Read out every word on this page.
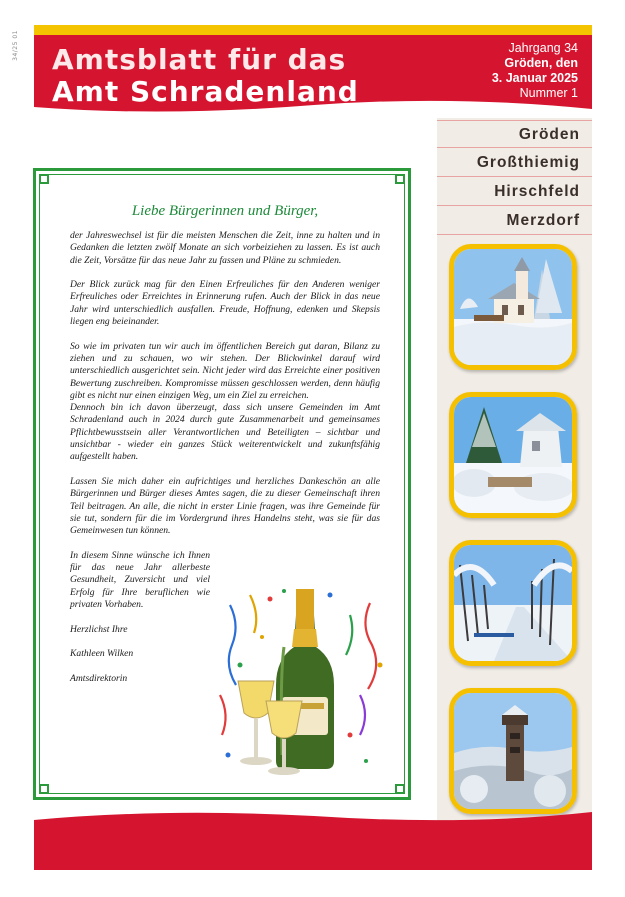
34/25 01 Amtsblatt für das
Amt Schradenland
Jahrgang 34
Gröden, den
3. Januar 2025
Nummer 1
Gröden
Großthiemig
Hirschfeld
Merzdorf
Liebe Bürgerinnen und Bürger,

der Jahreswechsel ist für die meisten Menschen die Zeit, inne zu halten und in Gedanken die letzten zwölf Monate an sich vorbeiziehen zu lassen. Es ist auch die Zeit, Vorsätze für das neue Jahr zu fassen und Pläne zu schmieden.

Der Blick zurück mag für den Einen Erfreuliches für den Anderen weniger Erfreuliches oder Erreichtes in Erinnerung rufen. Auch der Blick in das neue Jahr wird unterschiedlich ausfallen. Freude, Hoffnung, edenken und Skepsis liegen eng beieinander.

So wie im privaten tun wir auch im öffentlichen Bereich gut daran, Bilanz zu ziehen und zu schauen, wo wir stehen. Der Blickwinkel darauf wird unterschiedlich ausgerichtet sein. Nicht jeder wird das Erreichte einer positiven Bewertung zuschreiben. Kompromisse müssen geschlossen werden, denn häufig gibt es nicht nur einen einzigen Weg, um ein Ziel zu erreichen.

Dennoch bin ich davon überzeugt, dass sich unsere Gemeinden im Amt Schradenland auch in 2024 durch gute Zusammenarbeit und gemeinsames Pflichtbewusstsein aller Verantwortlichen und Beteiligten – sichtbar und unsichtbar - wieder ein ganzes Stück weiterentwickelt und zukunftsfähig aufgestellt haben.

Lassen Sie mich daher ein aufrichtiges und herzliches Dankeschön an alle Bürgerinnen und Bürger dieses Amtes sagen, die zu dieser Gemeinschaft ihren Teil beitragen. An alle, die nicht in erster Linie fragen, was ihre Gemeinde für sie tut, sondern für die im Vordergrund ihres Handelns steht, was sie für das Gemeinwesen tun können.

In diesem Sinne wünsche ich Ihnen für das neue Jahr allerbeste Gesundheit, Zuversicht und viel Erfolg für Ihre beruflichen wie privaten Vorhaben.

Herzlichst Ihre

Kathleen Wilken

Amtsdirektorin
